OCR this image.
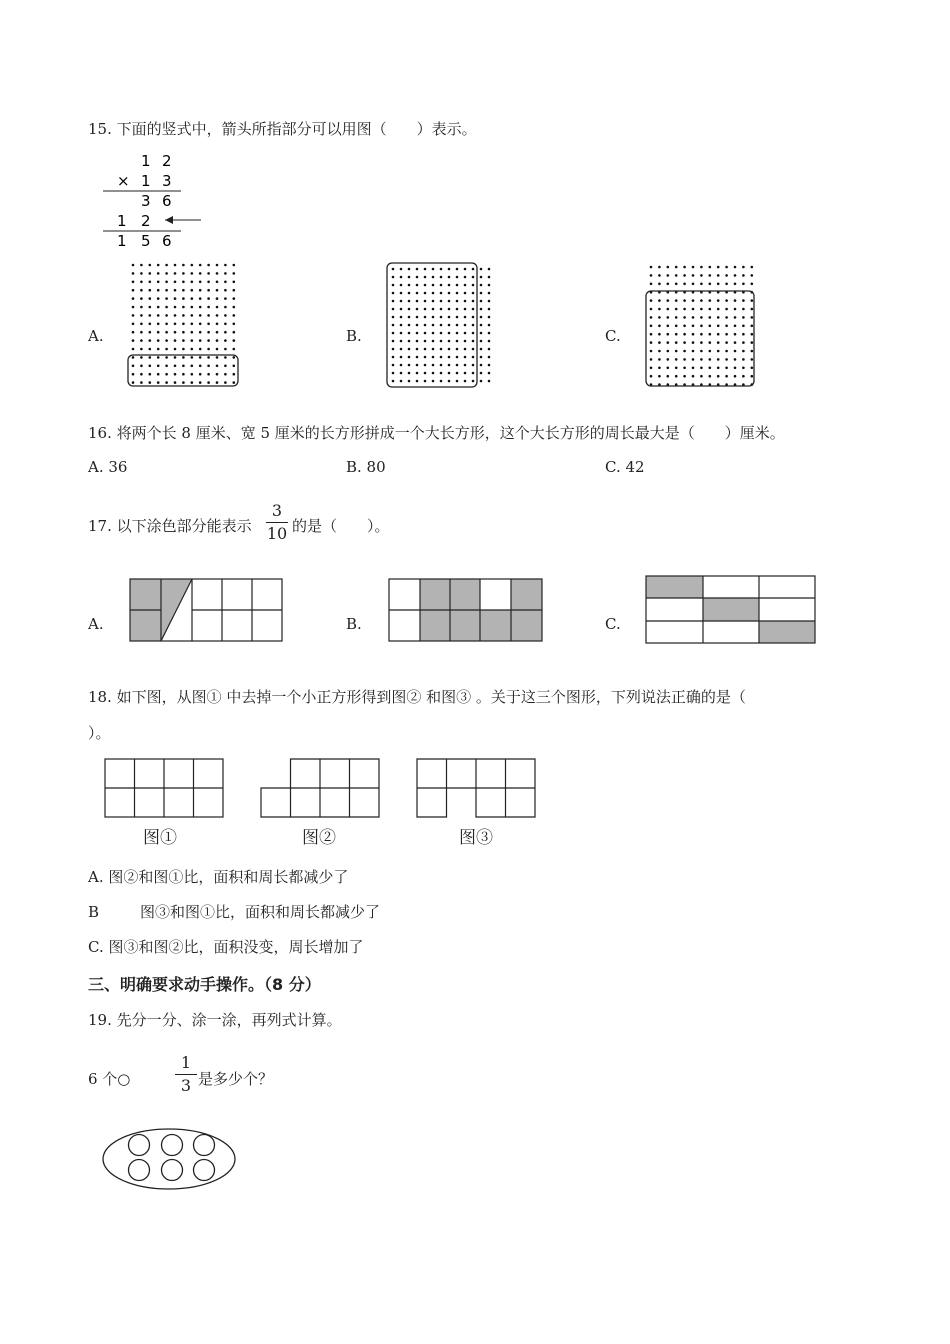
15. 下面的竖式中，箭头所指部分可以用图（　　）表示。
1 2
× 1 3
3 6
1 2
1 5 6
A.	B.	C.
16. 将两个长 8 厘米、宽 5 厘米的长方形拼成一个大长方形，这个大长方形的周长最大是（　　）厘米。
A. 36	B. 80	C. 42
17. 以下涂色部分能表示
3
10 的是（　　）。
A.	B.	C.
18. 如下图，从图① 中去掉一个小正方形得到图② 和图③ 。关于这三个图形，下列说法正确的是（
）。
图①	图②	图③
A. 图②和图①比，面积和周长都减少了
B	图③和图①比，面积和周长都减少了
C. 图③和图②比，面积没变，周长增加了
三、明确要求动手操作。（8 分）
19. 先分一分、涂一涂，再列式计算。
6 个○
1
3 是多少个？
